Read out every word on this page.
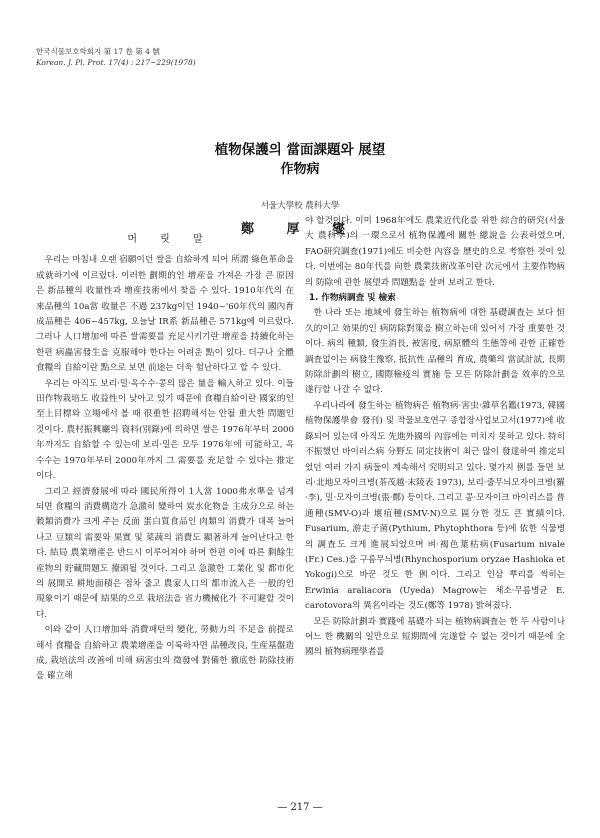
한국식물보호학회지 第 17 卷 第 4 號
Korean. J. Pl. Prot. 17(4) : 217~229(1978)
植物保護의 當面課題와 展望
作物病
서울大學校 農科大學
鄭 厚 燮
머 릿 말

우리는 마침내 오랜 宿願이던 쌀을 自給하게 되어 所謂 綠色革命을 成就하기에 이르렀다. 이러한 劃期的인 增産을 가져온 가장 큰 原因은 新品種의 收量性과 增産技術에서 찾을 수 있다. 1910年代의 在來品種의 10a當 收量은 不過 237kg이던 1940~'60年代의 國內育成品種은 406~457kg, 오늘날 IR系 新品種은 571kg에 이르렀다. 그러나 人口增加에 따른 쌀需要를 充足시키기란 增産을 持續化하는 한편 病蟲害發生을 克服해야 한다는 어려운 點이 있다. 더구나 全體食糧의 自給이란 點으로 보면 前途는 더욱 험난하다고 할 수 있다.

우리는 아직도 보리·밀·옥수수·콩의 많은 量을 輸入하고 있다. 이들 田作物栽培도 收益性이 낮아고 있기 때문에 食糧自給이란 國家的인 至上目標와 立場에서 볼 때 很重한 招聘해서는 안될 重大한 問題인 것이다. 農村振興廳의 資料(別錄)에 의하면 쌀은 1976年부터 2000年까지도 自給할 수 있는데 보리·밀은 모두 1976年에 可能하고, 옥수수는 1970年부터 2000年까지 그 需要를 充足할 수 있다는 推定이다.

그리고 經濟發展에 따라 國民所得이 1人當 1000弗水準을 넘게 되면 食糧의 消費構造가 急激히 變하여 炭水化物을 主成分으로 하는 穀類消費가 크게 주는 反面 蛋白質食品인 肉類의 消費가 대폭 늘어나고 豆類의 需要와 果實 및 菜蔬의 消費도 顯著하게 늘어난다고 한다. 結局 農業增產은 반드시 이루어져야 하며 한편 이에 따른 剩餘生産物의 貯藏問題도 擡頭될 것이다. 그리고 急激한 工業化 및 都市化의 展開로 耕地面積은 점차 줄고 農家人口의 都市流入은 一般的인 現象이기 때문에 結果的으로 栽培法을 省力機械化가 不可避할 것이다.

이와 같이 人口增加와 消費패턴의 變化, 勞動力의 不足을 前提로 해서 食糧을 自給하고 農業增產을 이룩하자면 品種改良, 生産基盤造成, 栽培法의 改善에 비해 病害虫의 徵發에 對備한 徹底한 防除技術을 確立해

야 할것이다. 이미 1968年에도 農業近代化를 위한 綜合的研究(서울大 農科學)의 一環으로서 植物保護에 關한 總說을 公表하였으며, FAO研究調査(1971)에도 비슷한 內容을 歷史的으로 考察한 것이 있다. 이번에는 80年代를 向한 農業技術改革이란 次元에서 主要作物病의 防除에 관한 展望과 問題點을 살펴 보려고 한다.

1. 作物病調査 및 檢索

한 나라 또는 地域에 發生하는 植物病에 대한 基礎調査는 보다 恒久的이고 効果的인 病防除對策을 樹立하는데 있어서 가장 重要한 것이다. 病의 種類, 發生消長, 被害度, 病原體의 生態等에 관한 正確한 調査없이는 病發生豫察, 抵抗性 品種의 育成, 農藥의 當試計試, 長期防除計劃의 樹立, 國際檢疫의 實施 등 모든 防除計劃을 效率的으로 遂行할 나갈 수 없다.

우리나라에 發生하는 植物病은 植物病·害虫·雜草名鑑(1973, 韓國植物保護學會 發刊) 및 작물보호연구 종합장사업보고서(1977)에 收錄되어 있는데 아직도 先進外國의 內容에는 미치지 못하고 있다. 特히 不振했던 바이러스病 分野도 同定技術이 최근 많이 發達하여 推定되었던 여러 가지 病들이 계속해서 究明되고 있다. 몇가지 例를 들면 보리·北地모자이크병(茶茂越·末陵表 1973), 보리·줄무늬모자이크병(羅·李), 밀·모자이크병(張·鄭) 등이다. 그리고 콩·모자이크 바이러스를 普通種(SMV-O)과 壞疽種(SMV-N)으로 區分한 것도 큰 實績이다. Fusarium, 游走子菌(Pythium, Phytophthora 등)에 依한 식물병의 調査도 크게 進展되었으며 벼·褐色葉枯病(Fusarium nivale (Fr.) Ces.)을 구름무늬병(Rhynchosporium oryzae Hashioka et Yokogi)으로 바꾼 것도 한 例이다. 그리고 인삼 뿌리를 썩히는 Erwinia araliacora (Uyeda) Magrow는 체소·무름병균 E. carotovora의 異名이라는 것도(鄭等 1978) 밝혀졌다.

모든 防除計劃과 實踐에 基礎가 되는 植物病調査는 한 두 사람이나 어느 한 機關의 일만으로 短期間에 完遂할 수 없는 것이기 때문에 全國의 植物病理學者를

— 217 —
